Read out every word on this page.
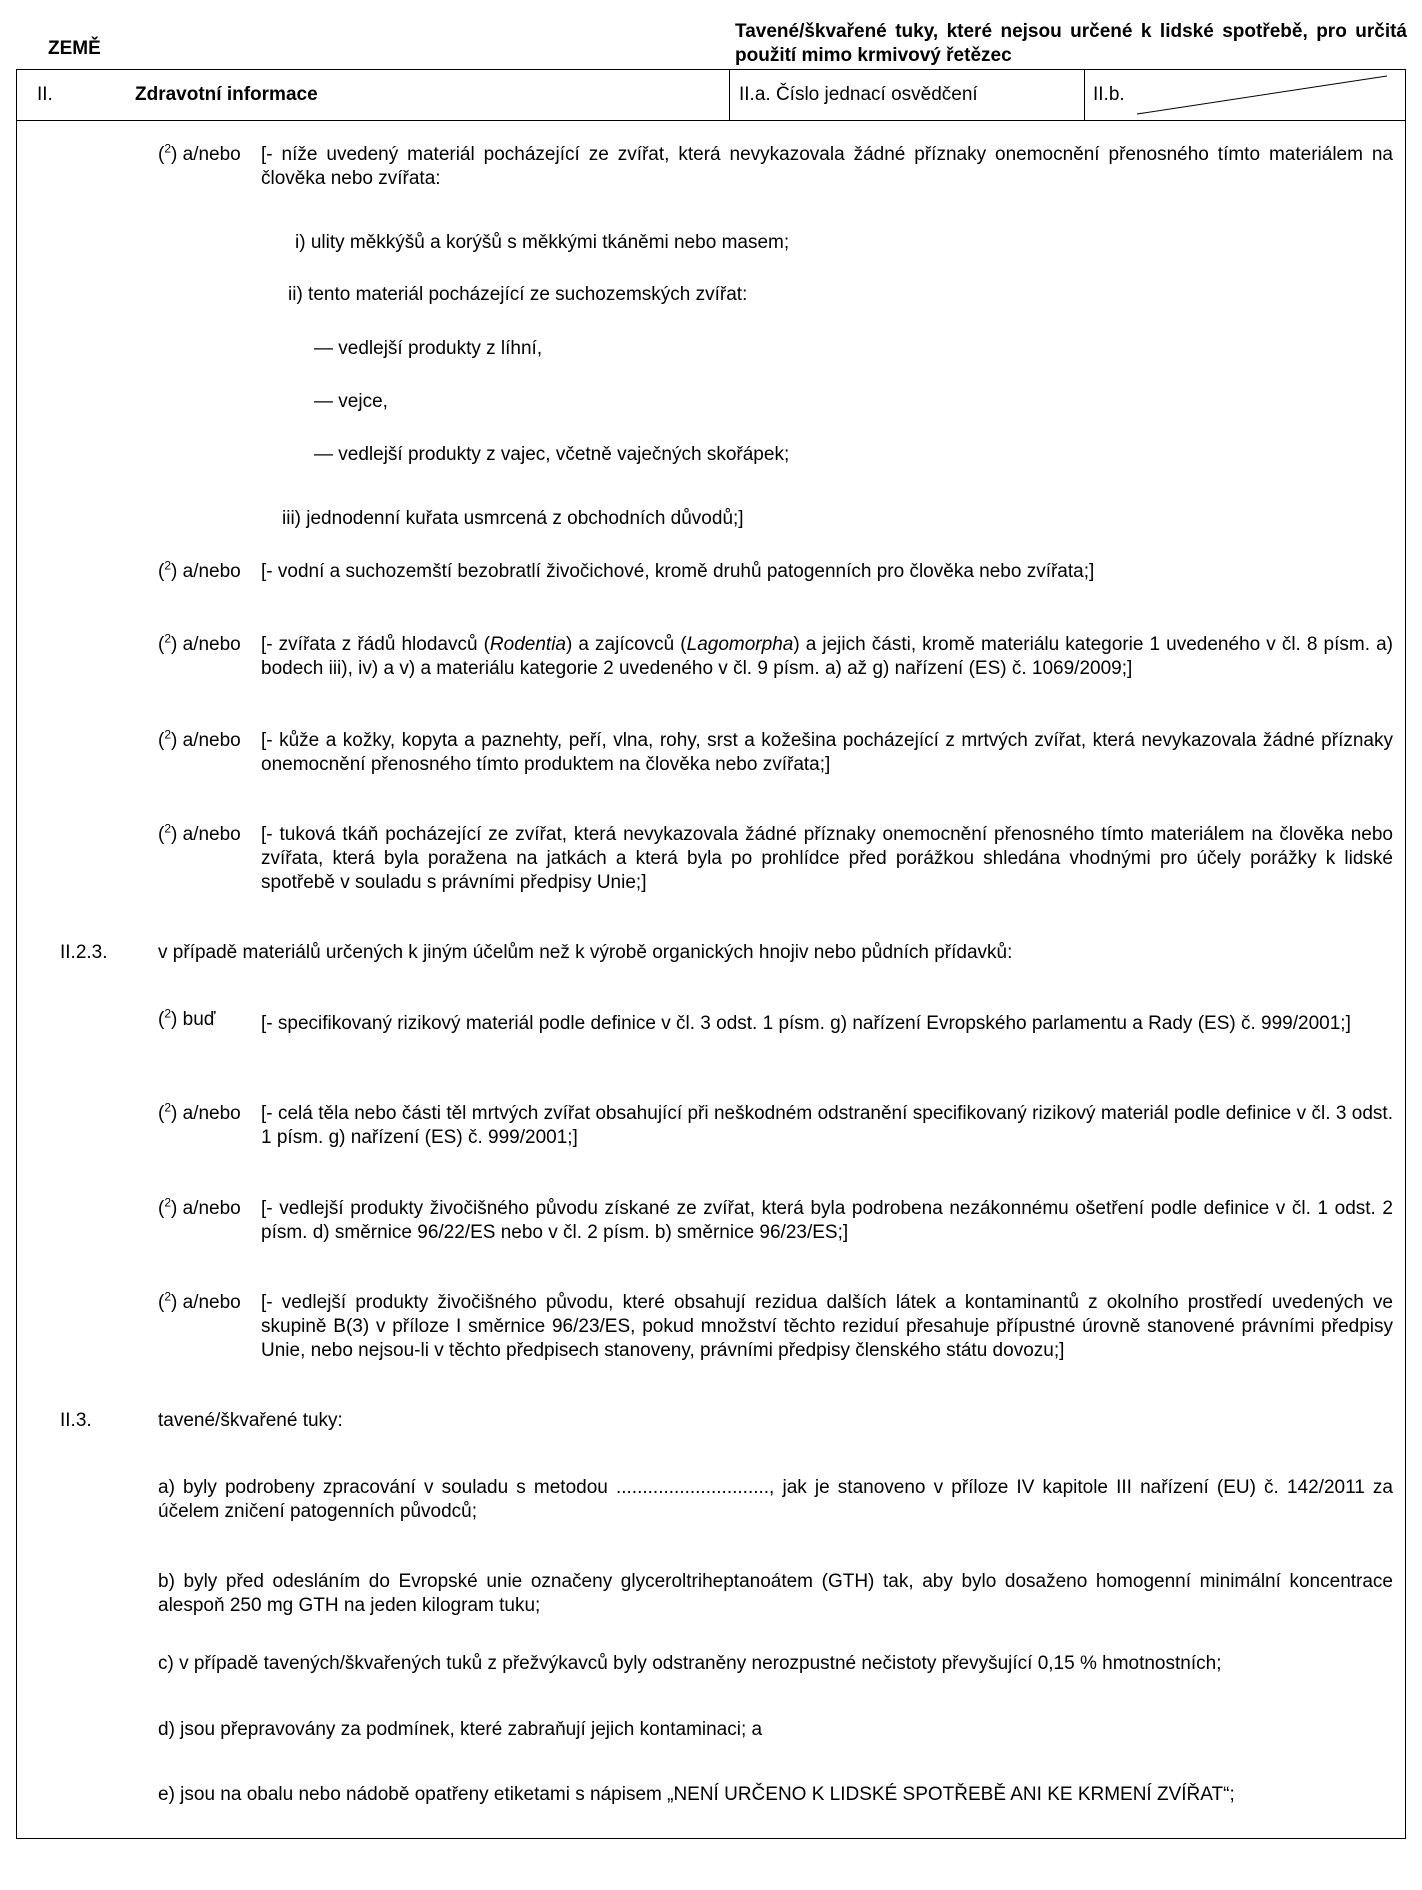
ZEMĚ
Tavené/škvařené tuky, které nejsou určené k lidské spotřebě, pro určitá použití mimo krmivový řetězec
II.	Zdravotní informace	II.a. Číslo jednací osvědčení	II.b.
($^2$) a/nebo [- níže uvedený materiál pocházející ze zvířat, která nevykazovala žádné příznaky onemocnění přenosného tímto materiálem na člověka nebo zvířata:
i) ulity měkkýšů a korýšů s měkkými tkáněmi nebo masem;
ii) tento materiál pocházející ze suchozemských zvířat:
— vedlejší produkty z líhní,
— vejce,
— vedlejší produkty z vajec, včetně vaječných skořápek;
iii) jednodenní kuřata usmrcená z obchodních důvodů;]
($^2$) a/nebo [- vodní a suchozemští bezobratlí živočichové, kromě druhů patogenních pro člověka nebo zvířata;]
($^2$) a/nebo [- zvířata z řádů hlodavců (Rodentia) a zajícovců (Lagomorpha) a jejich části, kromě materiálu kategorie 1 uvedeného v čl. 8 písm. a) bodech iii), iv) a v) a materiálu kategorie 2 uvedeného v čl. 9 písm. a) až g) nařízení (ES) č. 1069/2009;]
($^2$) a/nebo [- kůže a kožky, kopyta a paznehty, peří, vlna, rohy, srst a kožešina pocházející z mrtvých zvířat, která nevykazovala žádné příznaky onemocnění přenosného tímto produktem na člověka nebo zvířata;]
($^2$) a/nebo [- tuková tkáň pocházející ze zvířat, která nevykazovala žádné příznaky onemocnění přenosného tímto materiálem na člověka nebo zvířata, která byla poražena na jatkách a která byla po prohlídce před porážkou shledána vhodnými pro účely porážky k lidské spotřebě v souladu s právními předpisy Unie;]
II.2.3.	v případě materiálů určených k jiným účelům než k výrobě organických hnojiv nebo půdních přídavků:
($^2$) buď [- specifikovaný rizikový materiál podle definice v čl. 3 odst. 1 písm. g) nařízení Evropského parlamentu a Rady (ES) č. 999/2001;]
($^2$) a/nebo [- celá těla nebo části těl mrtvých zvířat obsahující při neškodném odstranění specifikovaný rizikový materiál podle definice v čl. 3 odst. 1 písm. g) nařízení (ES) č. 999/2001;]
($^2$) a/nebo [- vedlejší produkty živočišného původu získané ze zvířat, která byla podrobena nezákonnému ošetření podle definice v čl. 1 odst. 2 písm. d) směrnice 96/22/ES nebo v čl. 2 písm. b) směrnice 96/23/ES;]
($^2$) a/nebo [- vedlejší produkty živočišného původu, které obsahují rezidua dalších látek a kontaminantů z okolního prostředí uvedených ve skupině B(3) v příloze I směrnice 96/23/ES, pokud množství těchto reziduí přesahuje přípustné úrovně stanovené právními předpisy Unie, nebo nejsou-li v těchto předpisech stanoveny, právními předpisy členského státu dovozu;]
II.3.	tavené/škvařené tuky:
a) byly podrobeny zpracování v souladu s metodou ............................., jak je stanoveno v příloze IV kapitole III nařízení (EU) č. 142/2011 za účelem zničení patogenních původců;
b) byly před odesláním do Evropské unie označeny glyceroltriheptanoátem (GTH) tak, aby bylo dosaženo homogenní minimální koncentrace alespoň 250 mg GTH na jeden kilogram tuku;
c) v případě tavených/škvařených tuků z přežvýkavců byly odstraněny nerozpustné nečistoty převyšující 0,15 % hmotnostních;
d) jsou přepravovány za podmínek, které zabraňují jejich kontaminaci; a
e) jsou na obalu nebo nádobě opatřeny etiketami s nápisem „NENÍ URČENO K LIDSKÉ SPOTŘEBĚ ANI KE KRMENÍ ZVÍŘAT“;
